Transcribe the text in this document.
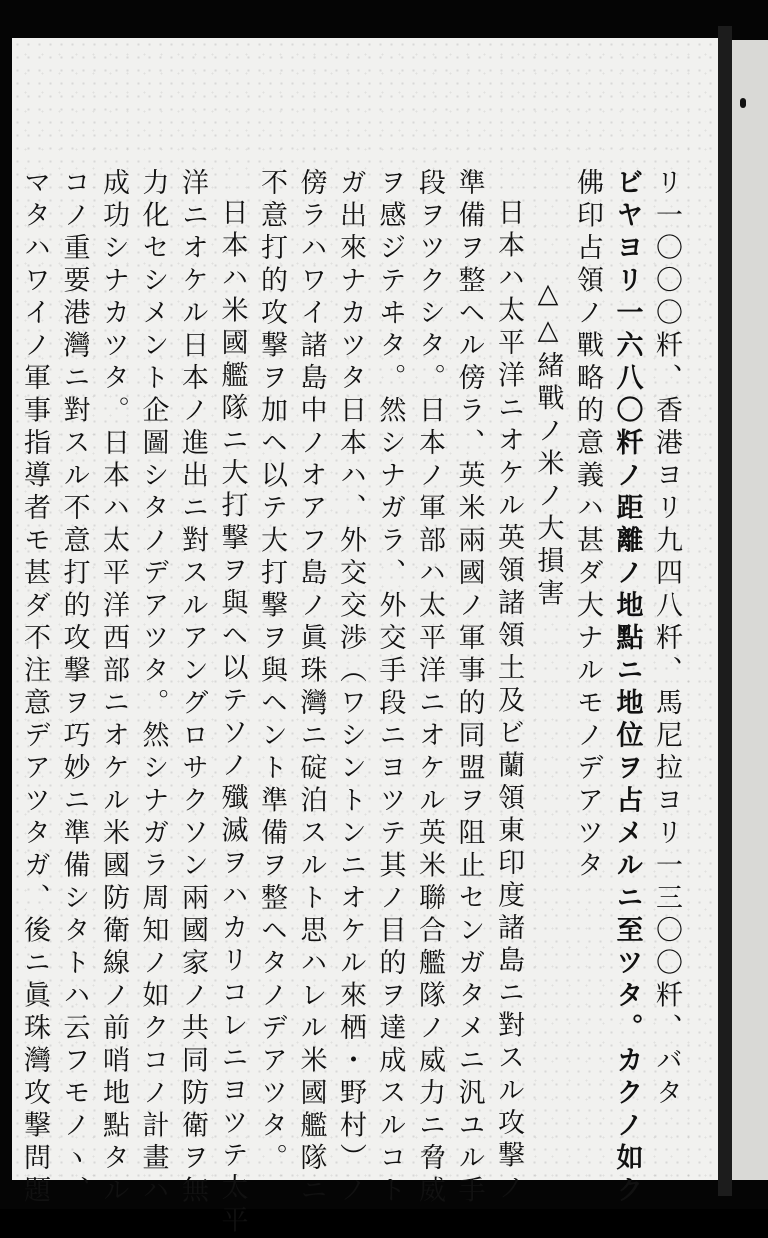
リ一〇〇〇粁、香港ヨリ九四八粁、馬尼拉ヨリ一三〇〇粁、バタ
ビヤヨリ一六八〇粁ノ距離ノ地點ニ地位ヲ占メルニ至ツタ。カクノ如ク
佛印占領ノ戰略的意義ハ甚ダ大ナルモノデアツタ
△△緒戰ノ米ノ大損害
日本ハ太平洋ニオケル英領諸領土及ビ蘭領東印度諸島ニ對スル攻撃ノ
準備ヲ整ヘル傍ラ、英米兩國ノ軍事的同盟ヲ阻止センガタメニ汎ユル手
段ヲツクシタ。日本ノ軍部ハ太平洋ニオケル英米聯合艦隊ノ威力ニ脅威
ヲ感ジテヰタ。然シナガラ、外交手段ニヨツテ其ノ目的ヲ達成スルコト
ガ出來ナカツタ日本ハ、外交交渉（ワシントンニオケル來栖・野村）ノ
傍ラハワイ諸島中ノオアフ島ノ眞珠灣ニ碇泊スルト思ハレル米國艦隊ニ
不意打的攻撃ヲ加ヘ以テ大打撃ヲ與ヘント準備ヲ整ヘタノデアツタ。
日本ハ米國艦隊ニ大打撃ヲ與ヘ以テソノ殲滅ヲハカリコレニヨツテ太平
洋ニオケル日本ノ進出ニ對スルアングロサクソン兩國家ノ共同防衛ヲ無
力化セシメント企圖シタノデアツタ。然シナガラ周知ノ如クコノ計畫ハ
成功シナカツタ。日本ハ太平洋西部ニオケル米國防衛線ノ前哨地點タル
コノ重要港灣ニ對スル不意打的攻撃ヲ巧妙ニ準備シタトハ云フモノヽ、
マタハワイノ軍事指導者モ甚ダ不注意デアツタガ、後ニ眞珠灣攻撃問題
